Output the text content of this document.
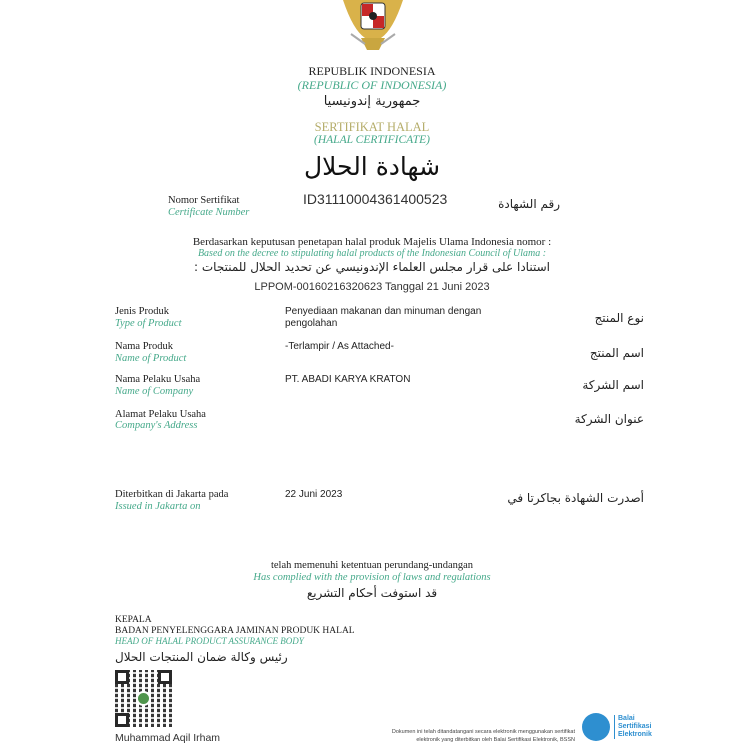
REPUBLIK INDONESIA
(REPUBLIC OF INDONESIA)
جمهورية إندونيسيا
SERTIFIKAT HALAL
(HALAL CERTIFICATE)
شهادة الحلال
Nomor Sertifikat
Certificate Number
ID31110004361400523	رقم الشهادة
Berdasarkan keputusan penetapan halal produk Majelis Ulama Indonesia nomor :
Based on the decree to stipulating halal products of the Indonesian Council of Ulama :
استنادا على قرار مجلس العلماء الإندونيسي عن تحديد الحلال للمنتجات :
LPPOM-00160216320623 Tanggal 21 Juni 2023
Jenis Produk
Type of Product
Penyediaan makanan dan minuman dengan pengolahan	نوع المنتج
Nama Produk
Name of Product
-Terlampir / As Attached-	اسم المنتج
Nama Pelaku Usaha
Name of Company
PT. ABADI KARYA KRATON	اسم الشركة
Alamat Pelaku Usaha
Company's Address	عنوان الشركة
Diterbitkan di Jakarta pada
Issued in Jakarta on
22 Juni 2023	أصدرت الشهادة بجاكرتا في
telah memenuhi ketentuan perundang-undangan
Has complied with the provision of laws and regulations
قد استوفت أحكام التشريع
KEPALA
BADAN PENYELENGGARA JAMINAN PRODUK HALAL
HEAD OF HALAL PRODUCT ASSURANCE BODY
رئيس وكالة ضمان المنتجات الحلال
Muhammad Aqil Irham	Dokumen ini telah ditandatangani secara elektronik menggunakan sertifikat
elektronik yang diterbitkan oleh Balai Sertifikasi Elektronik, BSSN
Balai
Sertifikasi
Elektronik
